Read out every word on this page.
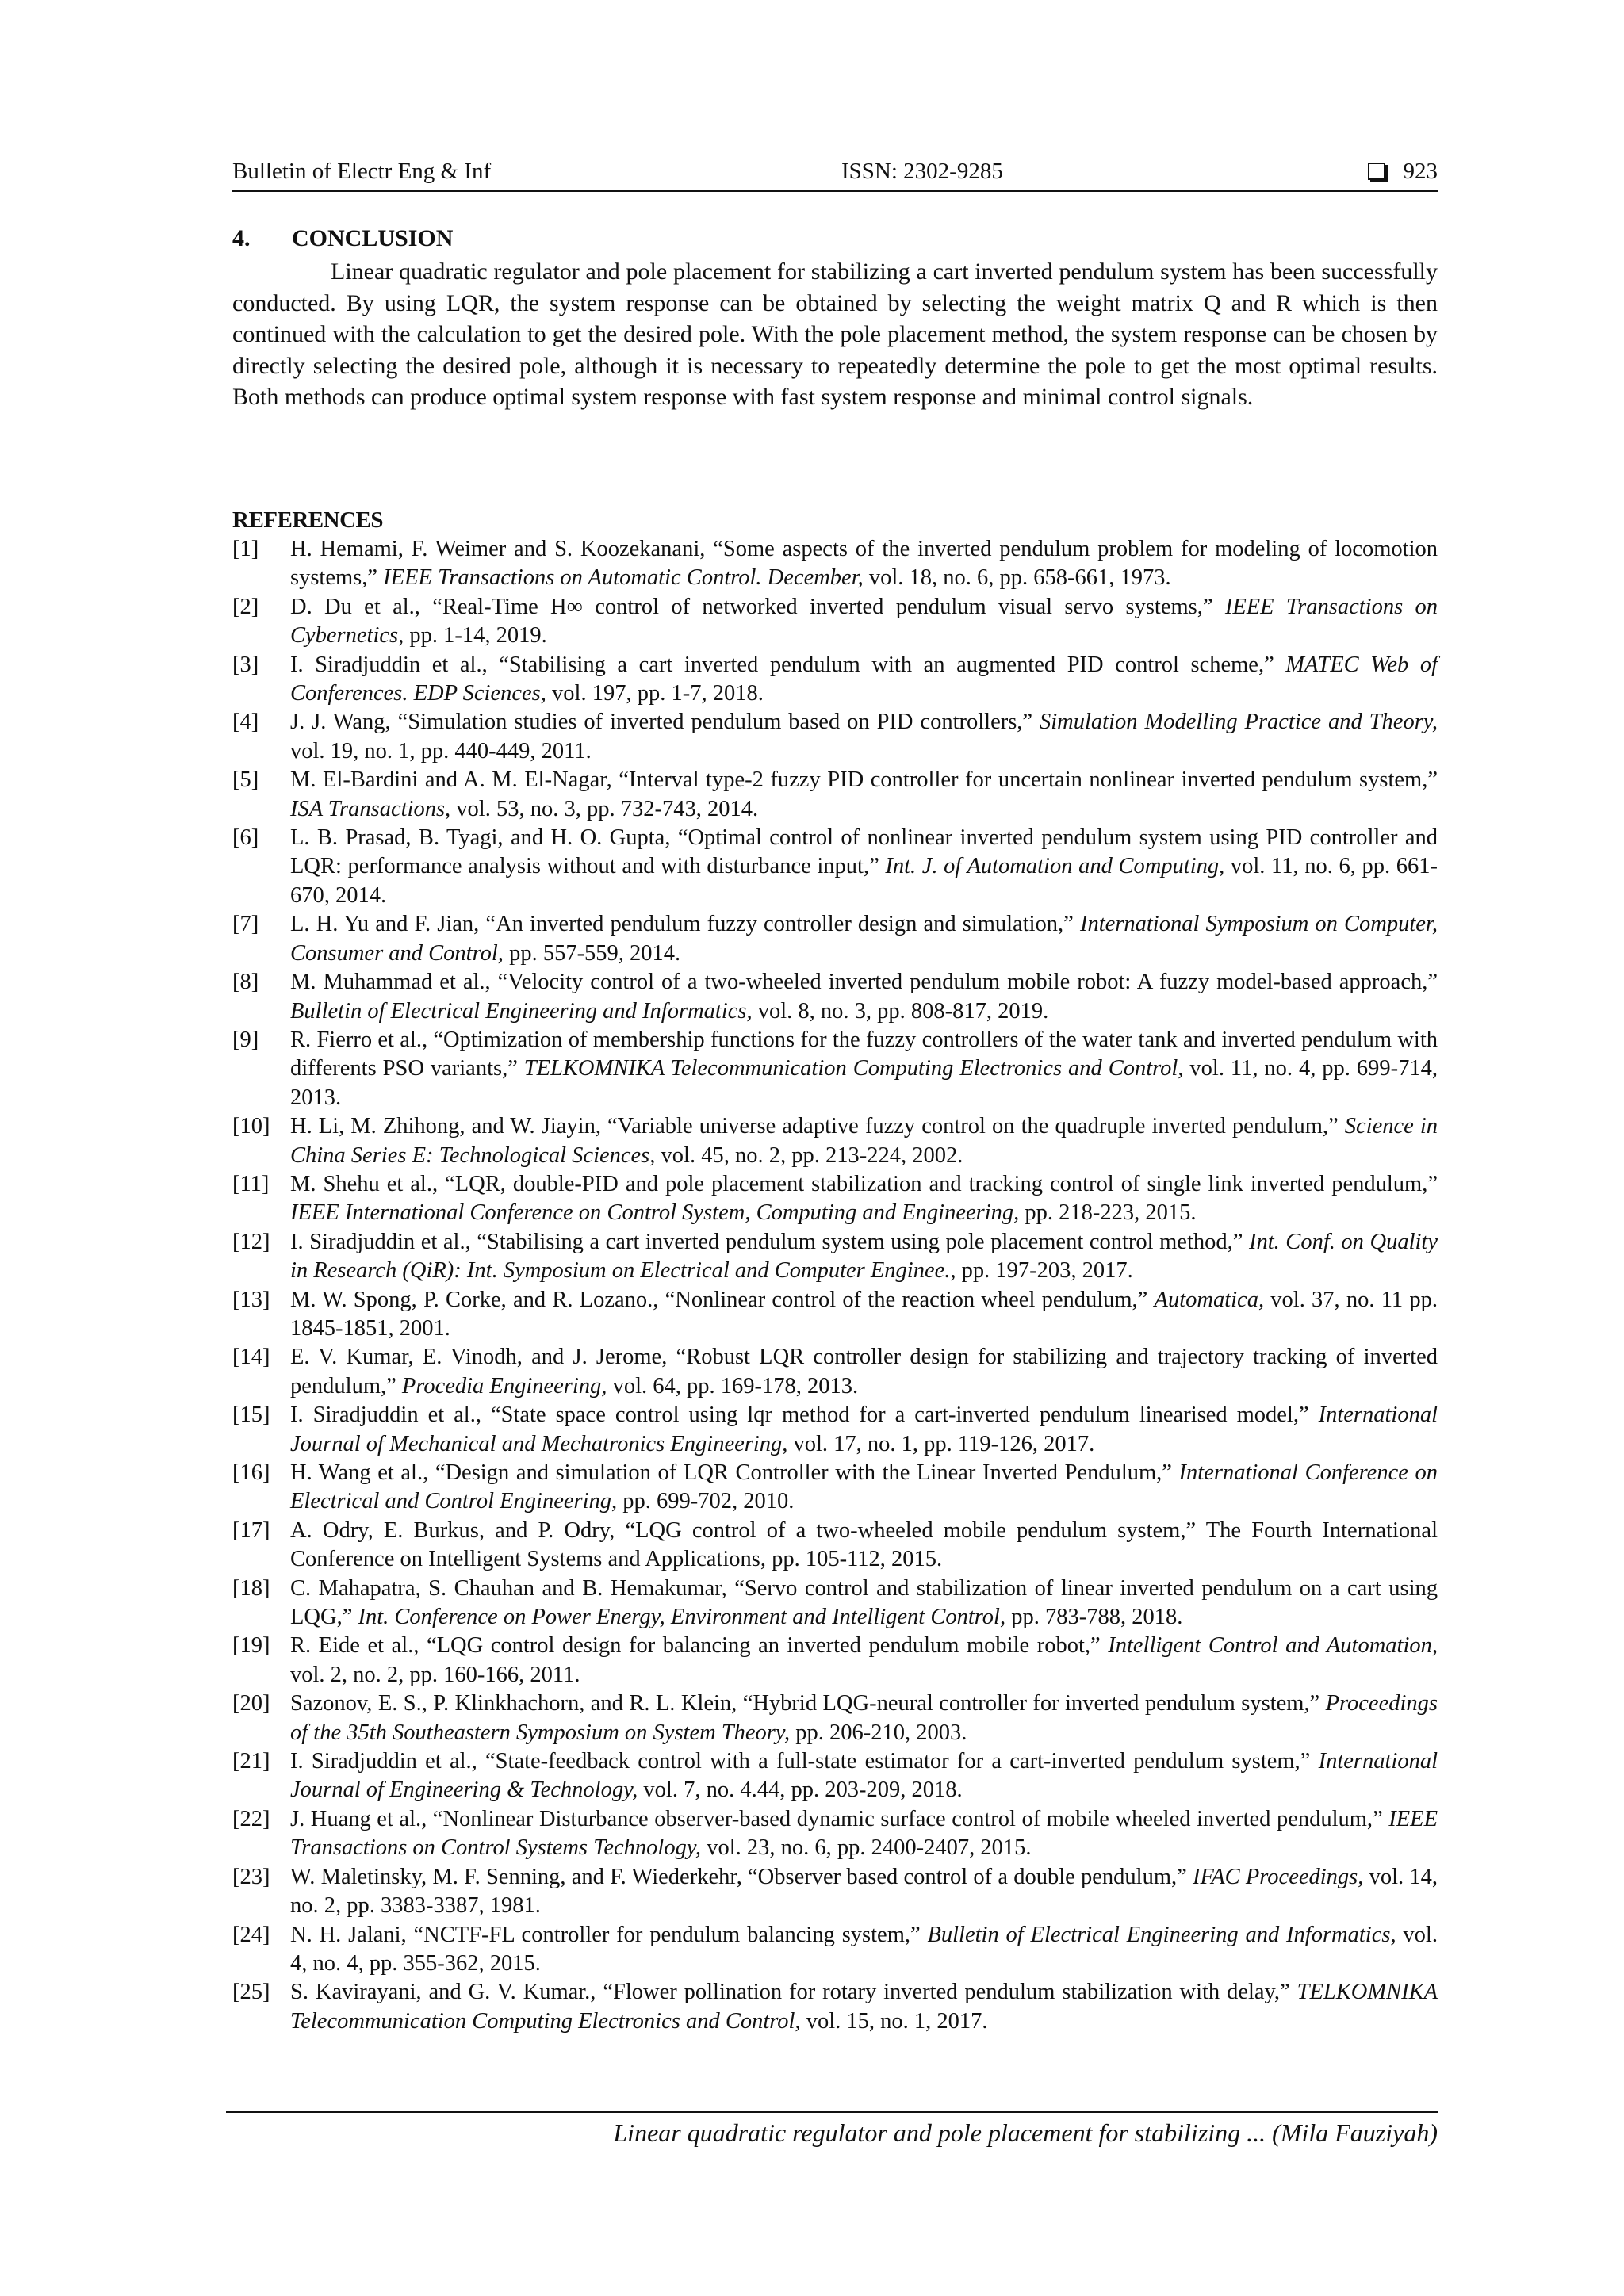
Bulletin of Electr Eng & Inf	ISSN: 2302-9285	923
4. CONCLUSION

Linear quadratic regulator and pole placement for stabilizing a cart inverted pendulum system has been successfully conducted. By using LQR, the system response can be obtained by selecting the weight matrix Q and R which is then continued with the calculation to get the desired pole. With the pole placement method, the system response can be chosen by directly selecting the desired pole, although it is necessary to repeatedly determine the pole to get the most optimal results. Both methods can produce optimal system response with fast system response and minimal control signals.

REFERENCES
[1] H. Hemami, F. Weimer and S. Koozekanani, “Some aspects of the inverted pendulum problem for modeling of locomotion systems,” IEEE Transactions on Automatic Control. December, vol. 18, no. 6, pp. 658-661, 1973.
[2] D. Du et al., “Real-Time H∞ control of networked inverted pendulum visual servo systems,” IEEE Transactions on Cybernetics, pp. 1-14, 2019.
[3] I. Siradjuddin et al., “Stabilising a cart inverted pendulum with an augmented PID control scheme,” MATEC Web of Conferences. EDP Sciences, vol. 197, pp. 1-7, 2018.
[4] J. J. Wang, “Simulation studies of inverted pendulum based on PID controllers,” Simulation Modelling Practice and Theory, vol. 19, no. 1, pp. 440-449, 2011.
[5] M. El-Bardini and A. M. El-Nagar, “Interval type-2 fuzzy PID controller for uncertain nonlinear inverted pendulum system,” ISA Transactions, vol. 53, no. 3, pp. 732-743, 2014.
[6] L. B. Prasad, B. Tyagi, and H. O. Gupta, “Optimal control of nonlinear inverted pendulum system using PID controller and LQR: performance analysis without and with disturbance input,” Int. J. of Automation and Computing, vol. 11, no. 6, pp. 661-670, 2014.
[7] L. H. Yu and F. Jian, “An inverted pendulum fuzzy controller design and simulation,” International Symposium on Computer, Consumer and Control, pp. 557-559, 2014.
[8] M. Muhammad et al., “Velocity control of a two-wheeled inverted pendulum mobile robot: A fuzzy model-based approach,” Bulletin of Electrical Engineering and Informatics, vol. 8, no. 3, pp. 808-817, 2019.
[9] R. Fierro et al., “Optimization of membership functions for the fuzzy controllers of the water tank and inverted pendulum with differents PSO variants,” TELKOMNIKA Telecommunication Computing Electronics and Control, vol. 11, no. 4, pp. 699-714, 2013.
[10] H. Li, M. Zhihong, and W. Jiayin, “Variable universe adaptive fuzzy control on the quadruple inverted pendulum,” Science in China Series E: Technological Sciences, vol. 45, no. 2, pp. 213-224, 2002.
[11] M. Shehu et al., “LQR, double-PID and pole placement stabilization and tracking control of single link inverted pendulum,” IEEE International Conference on Control System, Computing and Engineering, pp. 218-223, 2015.
[12] I. Siradjuddin et al., “Stabilising a cart inverted pendulum system using pole placement control method,” Int. Conf. on Quality in Research (QiR): Int. Symposium on Electrical and Computer Enginee., pp. 197-203, 2017.
[13] M. W. Spong, P. Corke, and R. Lozano., “Nonlinear control of the reaction wheel pendulum,” Automatica, vol. 37, no. 11 pp. 1845-1851, 2001.
[14] E. V. Kumar, E. Vinodh, and J. Jerome, “Robust LQR controller design for stabilizing and trajectory tracking of inverted pendulum,” Procedia Engineering, vol. 64, pp. 169-178, 2013.
[15] I. Siradjuddin et al., “State space control using lqr method for a cart-inverted pendulum linearised model,” International Journal of Mechanical and Mechatronics Engineering, vol. 17, no. 1, pp. 119-126, 2017.
[16] H. Wang et al., “Design and simulation of LQR Controller with the Linear Inverted Pendulum,” International Conference on Electrical and Control Engineering, pp. 699-702, 2010.
[17] A. Odry, E. Burkus, and P. Odry, “LQG control of a two-wheeled mobile pendulum system,” The Fourth International Conference on Intelligent Systems and Applications, pp. 105-112, 2015.
[18] C. Mahapatra, S. Chauhan and B. Hemakumar, “Servo control and stabilization of linear inverted pendulum on a cart using LQG,” Int. Conference on Power Energy, Environment and Intelligent Control, pp. 783-788, 2018.
[19] R. Eide et al., “LQG control design for balancing an inverted pendulum mobile robot,” Intelligent Control and Automation, vol. 2, no. 2, pp. 160-166, 2011.
[20] Sazonov, E. S., P. Klinkhachorn, and R. L. Klein, “Hybrid LQG-neural controller for inverted pendulum system,” Proceedings of the 35th Southeastern Symposium on System Theory, pp. 206-210, 2003.
[21] I. Siradjuddin et al., “State-feedback control with a full-state estimator for a cart-inverted pendulum system,” International Journal of Engineering & Technology, vol. 7, no. 4.44, pp. 203-209, 2018.
[22] J. Huang et al., “Nonlinear Disturbance observer-based dynamic surface control of mobile wheeled inverted pendulum,” IEEE Transactions on Control Systems Technology, vol. 23, no. 6, pp. 2400-2407, 2015.
[23] W. Maletinsky, M. F. Senning, and F. Wiederkehr, “Observer based control of a double pendulum,” IFAC Proceedings, vol. 14, no. 2, pp. 3383-3387, 1981.
[24] N. H. Jalani, “NCTF-FL controller for pendulum balancing system,” Bulletin of Electrical Engineering and Informatics, vol. 4, no. 4, pp. 355-362, 2015.
[25] S. Kavirayani, and G. V. Kumar., “Flower pollination for rotary inverted pendulum stabilization with delay,” TELKOMNIKA Telecommunication Computing Electronics and Control, vol. 15, no. 1, 2017.
Linear quadratic regulator and pole placement for stabilizing ... (Mila Fauziyah)
